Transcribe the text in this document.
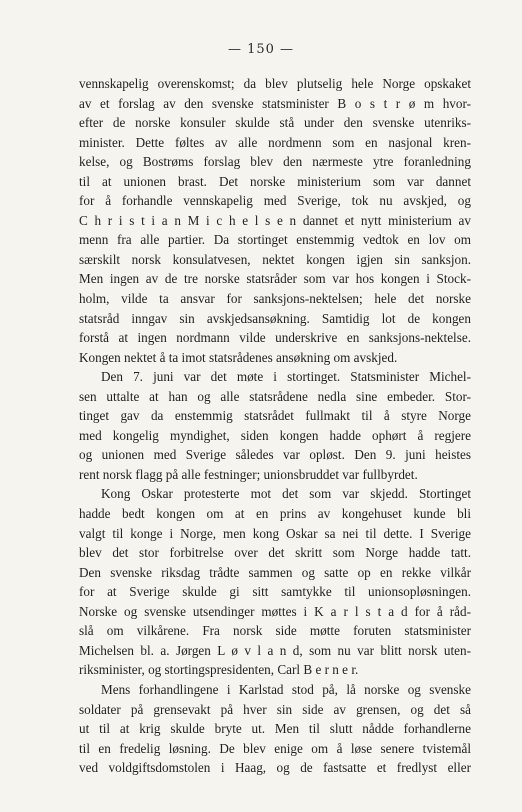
— 150 —
vennskapelig overenskomst; da blev plutselig hele Norge opskaket
av et forslag av den svenske statsminister B o s t r ø m hvor-
efter de norske konsuler skulde stå under den svenske utenriks-
minister. Dette føltes av alle nordmenn som en nasjonal kren-
kelse, og Bostrøms forslag blev den nærmeste ytre foranledning
til at unionen brast. Det norske ministerium som var dannet
for å forhandle vennskapelig med Sverige, tok nu avskjed, og
C h r i s t i a n M i c h e l s e n dannet et nytt ministerium av
menn fra alle partier. Da stortinget enstemmig vedtok en lov om
særskilt norsk konsulatvesen, nektet kongen igjen sin sanksjon.
Men ingen av de tre norske statsråder som var hos kongen i Stock-
holm, vilde ta ansvar for sanksjons-nektelsen; hele det norske
statsråd inngav sin avskjedsansøkning. Samtidig lot de kongen
forstå at ingen nordmann vilde underskrive en sanksjons-nektelse.
Kongen nektet å ta imot statsrådenes ansøkning om avskjed.
Den 7. juni var det møte i stortinget. Statsminister Michel-
sen uttalte at han og alle statsrådene nedla sine embeder. Stor-
tinget gav da enstemmig statsrådet fullmakt til å styre Norge
med kongelig myndighet, siden kongen hadde ophørt å regjere
og unionen med Sverige således var opløst. Den 9. juni heistes
rent norsk flagg på alle festninger; unionsbruddet var fullbyrdet.
Kong Oskar protesterte mot det som var skjedd. Stortinget
hadde bedt kongen om at en prins av kongehuset kunde bli
valgt til konge i Norge, men kong Oskar sa nei til dette. I Sverige
blev det stor forbitrelse over det skritt som Norge hadde tatt.
Den svenske riksdag trådte sammen og satte op en rekke vilkår
for at Sverige skulde gi sitt samtykke til unionsopløsningen.
Norske og svenske utsendinger møttes i K a r l s t a d for å råd-
slå om vilkårene. Fra norsk side møtte foruten statsminister
Michelsen bl. a. Jørgen L ø v l a n d, som nu var blitt norsk uten-
riksminister, og stortingspresidenten, Carl B e r n e r.
Mens forhandlingene i Karlstad stod på, lå norske og svenske
soldater på grensevakt på hver sin side av grensen, og det så
ut til at krig skulde bryte ut. Men til slutt nådde forhandlerne
til en fredelig løsning. De blev enige om å løse senere tvistemål
ved voldgiftsdomstolen i Haag, og de fastsatte et fredlyst eller
